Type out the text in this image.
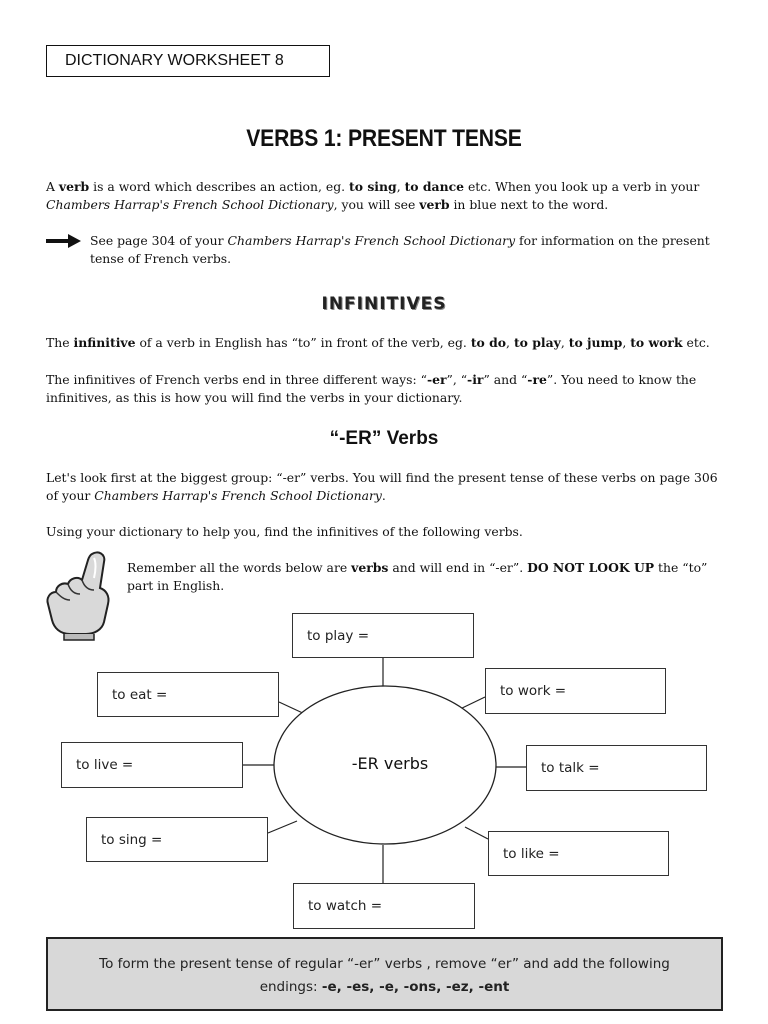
DICTIONARY WORKSHEET 8
VERBS 1: PRESENT TENSE
A verb is a word which describes an action, eg. to sing, to dance etc. When you look up a verb in your
Chambers Harrap's French School Dictionary, you will see verb in blue next to the word.
See page 304 of your Chambers Harrap's French School Dictionary for information on the present
tense of French verbs.
INFINITIVES
The infinitive of a verb in English has “to” in front of the verb, eg. to do, to play, to jump, to work etc.
The infinitives of French verbs end in three different ways: “-er”, “-ir” and “-re”. You need to know the
infinitives, as this is how you will find the verbs in your dictionary.
“-ER” Verbs
Let's look first at the biggest group: “-er” verbs. You will find the present tense of these verbs on page 306
of your Chambers Harrap's French School Dictionary.
Using your dictionary to help you, find the infinitives of the following verbs.
Remember all the words below are verbs and will end in “-er”. DO NOT LOOK UP the “to”
part in English.
-ER verbs
to play =
to eat =	to work =
to live =	to talk =
to sing =
to like =
to watch =
To form the present tense of regular “-er” verbs , remove “er” and add the following
endings: -e, -es, -e, -ons, -ez, -ent
